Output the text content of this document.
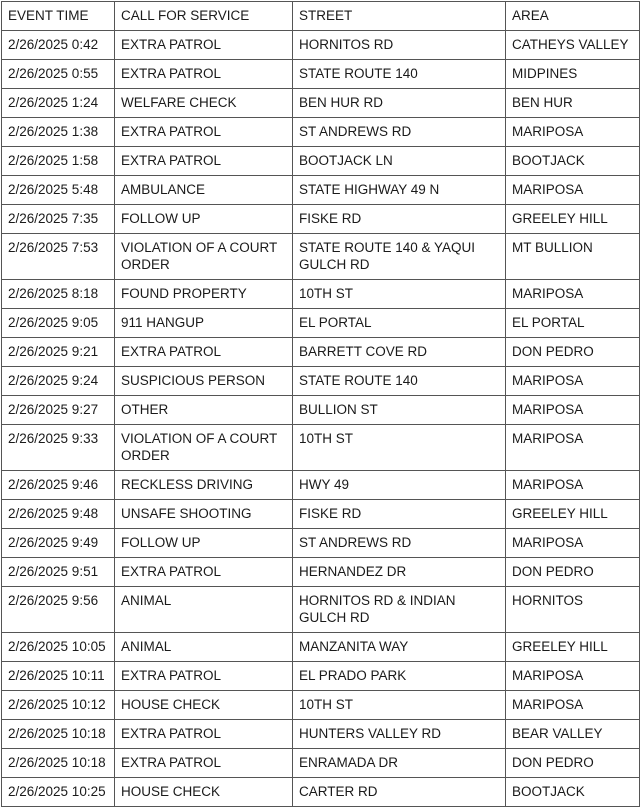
EVENT TIME	CALL FOR SERVICE	STREET	AREA
2/26/2025 0:42	EXTRA PATROL	HORNITOS RD	CATHEYS VALLEY
2/26/2025 0:55	EXTRA PATROL	STATE ROUTE 140	MIDPINES
2/26/2025 1:24	WELFARE CHECK	BEN HUR RD	BEN HUR
2/26/2025 1:38	EXTRA PATROL	ST ANDREWS RD	MARIPOSA
2/26/2025 1:58	EXTRA PATROL	BOOTJACK LN	BOOTJACK
2/26/2025 5:48	AMBULANCE	STATE HIGHWAY 49 N	MARIPOSA
2/26/2025 7:35	FOLLOW UP	FISKE RD	GREELEY HILL
2/26/2025 7:53	VIOLATION OF A COURT ORDER	STATE ROUTE 140 & YAQUI GULCH RD	MT BULLION
2/26/2025 8:18	FOUND PROPERTY	10TH ST	MARIPOSA
2/26/2025 9:05	911 HANGUP	EL PORTAL	EL PORTAL
2/26/2025 9:21	EXTRA PATROL	BARRETT COVE RD	DON PEDRO
2/26/2025 9:24	SUSPICIOUS PERSON	STATE ROUTE 140	MARIPOSA
2/26/2025 9:27	OTHER	BULLION ST	MARIPOSA
2/26/2025 9:33	VIOLATION OF A COURT ORDER	10TH ST	MARIPOSA
2/26/2025 9:46	RECKLESS DRIVING	HWY 49	MARIPOSA
2/26/2025 9:48	UNSAFE SHOOTING	FISKE RD	GREELEY HILL
2/26/2025 9:49	FOLLOW UP	ST ANDREWS RD	MARIPOSA
2/26/2025 9:51	EXTRA PATROL	HERNANDEZ DR	DON PEDRO
2/26/2025 9:56	ANIMAL	HORNITOS RD & INDIAN GULCH RD	HORNITOS
2/26/2025 10:05	ANIMAL	MANZANITA WAY	GREELEY HILL
2/26/2025 10:11	EXTRA PATROL	EL PRADO PARK	MARIPOSA
2/26/2025 10:12	HOUSE CHECK	10TH ST	MARIPOSA
2/26/2025 10:18	EXTRA PATROL	HUNTERS VALLEY RD	BEAR VALLEY
2/26/2025 10:18	EXTRA PATROL	ENRAMADA DR	DON PEDRO
2/26/2025 10:25	HOUSE CHECK	CARTER RD	BOOTJACK
